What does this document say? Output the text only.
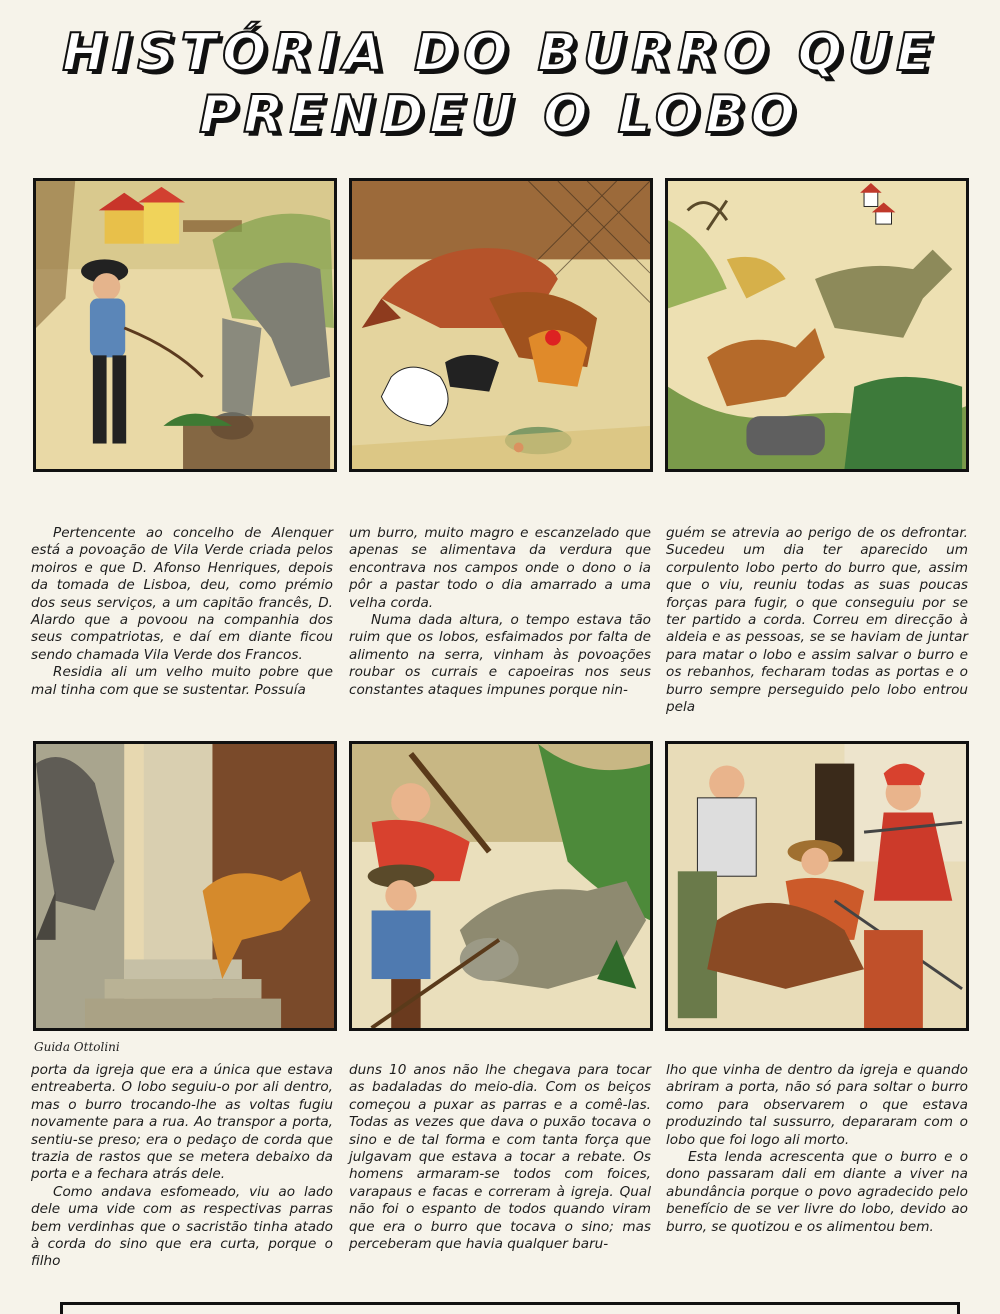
HISTÓRIA DO BURRO QUE
PRENDEU O LOBO

Pertencente ao concelho de Alenquer está a povoação de Vila Verde criada pelos moiros e que D. Afonso Henriques, depois da tomada de Lisboa, deu, como prémio dos seus serviços, a um capitão francês, D. Alardo que a povoou na companhia dos seus compatriotas, e daí em diante ficou sendo chamada Vila Verde dos Francos.

Residia ali um velho muito pobre que mal tinha com que se sustentar. Possuía

um burro, muito magro e escanzelado que apenas se alimentava da verdura que encontrava nos campos onde o dono o ia pôr a pastar todo o dia amarrado a uma velha corda.

Numa dada altura, o tempo estava tão ruim que os lobos, esfaimados por falta de alimento na serra, vinham às povoações roubar os currais e capoeiras nos seus constantes ataques impunes porque nin-

guém se atrevia ao perigo de os defrontar. Sucedeu um dia ter aparecido um corpulento lobo perto do burro que, assim que o viu, reuniu todas as suas poucas forças para fugir, o que conseguiu por se ter partido a corda. Correu em direcção à aldeia e as pessoas, se se haviam de juntar para matar o lobo e assim salvar o burro e os rebanhos, fecharam todas as portas e o burro sempre perseguido pelo lobo entrou pela

Guida Ottolini

porta da igreja que era a única que estava entreaberta. O lobo seguiu-o por ali dentro, mas o burro trocando-lhe as voltas fugiu novamente para a rua. Ao transpor a porta, sentiu-se preso; era o pedaço de corda que trazia de rastos que se metera debaixo da porta e a fechara atrás dele.

Como andava esfomeado, viu ao lado dele uma vide com as respectivas parras bem verdinhas que o sacristão tinha atado à corda do sino que era curta, porque o filho

duns 10 anos não lhe chegava para tocar as badaladas do meio-dia. Com os beiços começou a puxar as parras e a comê-las. Todas as vezes que dava o puxão tocava o sino e de tal forma e com tanta força que julgavam que estava a tocar a rebate. Os homens armaram-se todos com foices, varapaus e facas e correram à igreja. Qual não foi o espanto de todos quando viram que era o burro que tocava o sino; mas perceberam que havia qualquer baru-

lho que vinha de dentro da igreja e quando abriram a porta, não só para soltar o burro como para observarem o que estava produzindo tal sussurro, depararam com o lobo que foi logo ali morto.

Esta lenda acrescenta que o burro e o dono passaram dali em diante a viver na abundância porque o povo agradecido pelo benefício de se ver livre do lobo, devido ao burro, se quotizou e os alimentou bem.
